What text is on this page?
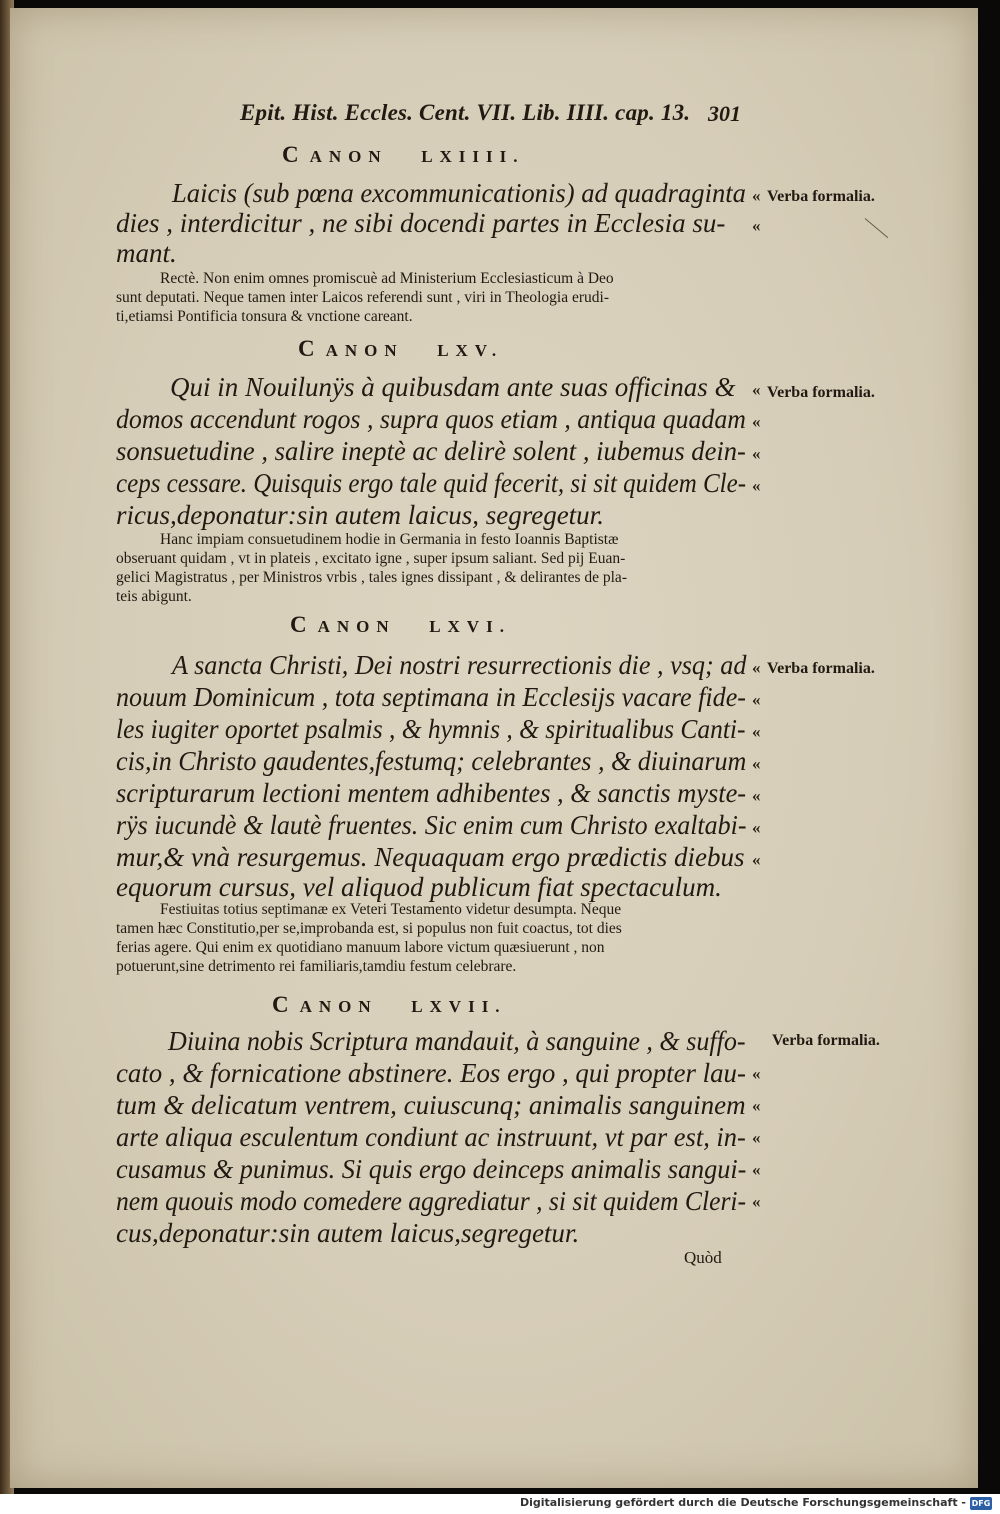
Epit. Hist. Eccles. Cent. VII. Lib. IIII. cap. 13. 301
CANON LXIIII.
Laicis (sub pœna excommunicationis) ad quadraginta
dies , interdicitur , ne sibi docendi partes in Ecclesia su-
mant.
Rectè. Non enim omnes promiscuè ad Ministerium Ecclesiasticum à Deo
sunt deputati. Neque tamen inter Laicos referendi sunt , viri in Theologia erudi-
ti,etiamsi Pontificia tonsura & vnctione careant.
«
«
Verba formalia.
CANON LXV.
Qui in Nouilunÿs à quibusdam ante suas officinas &
domos accendunt rogos , supra quos etiam , antiqua quadam
sonsuetudine , salire ineptè ac delirè solent , iubemus dein-
ceps cessare. Quisquis ergo tale quid fecerit, si sit quidem Cle-
ricus,deponatur:sin autem laicus, segregetur.
Hanc impiam consuetudinem hodie in Germania in festo Ioannis Baptistæ
obseruant quidam , vt in plateis , excitato igne , super ipsum saliant. Sed pij Euan-
gelici Magistratus , per Ministros vrbis , tales ignes dissipant , & delirantes de pla-
teis abigunt.
«
«
«
«
Verba formalia.
CANON LXVI.
A sancta Christi, Dei nostri resurrectionis die , vsq; ad
nouum Dominicum , tota septimana in Ecclesijs vacare fide-
les iugiter oportet psalmis , & hymnis , & spiritualibus Canti-
cis,in Christo gaudentes,festumq; celebrantes , & diuinarum
scripturarum lectioni mentem adhibentes , & sanctis myste-
rÿs iucundè & lautè fruentes. Sic enim cum Christo exaltabi-
mur,& vnà resurgemus. Nequaquam ergo prædictis diebus
equorum cursus, vel aliquod publicum fiat spectaculum.
Festiuitas totius septimanæ ex Veteri Testamento videtur desumpta. Neque
tamen hæc Constitutio,per se,improbanda est, si populus non fuit coactus, tot dies
ferias agere. Qui enim ex quotidiano manuum labore victum quæsiuerunt , non
potuerunt,sine detrimento rei familiaris,tamdiu festum celebrare.
«
«
«
«
«
«
«
Verba formalia.
CANON LXVII.
Diuina nobis Scriptura mandauit, à sanguine , & suffo-
cato , & fornicatione abstinere. Eos ergo , qui propter lau-
tum & delicatum ventrem, cuiuscunq; animalis sanguinem
arte aliqua esculentum condiunt ac instruunt, vt par est, in-
cusamus & punimus. Si quis ergo deinceps animalis sangui-
nem quouis modo comedere aggrediatur , si sit quidem Cleri-
cus,deponatur:sin autem laicus,segregetur.
«
«
«
«
«
Verba formalia.
Quòd
Digitalisierung gefördert durch die Deutsche Forschungsgemeinschaft - DFG
